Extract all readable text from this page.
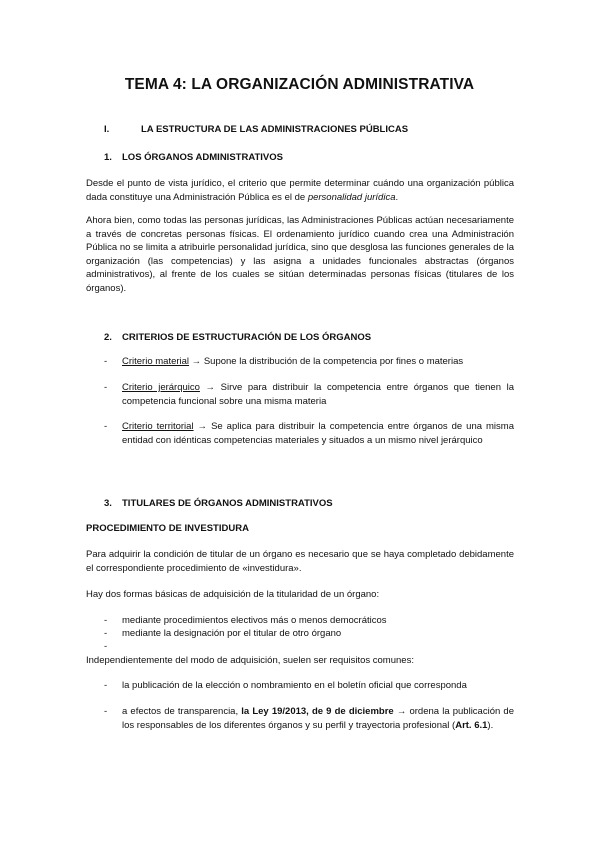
TEMA 4: LA ORGANIZACIÓN ADMINISTRATIVA
I.	LA ESTRUCTURA DE LAS ADMINISTRACIONES PÚBLICAS
1. LOS ÓRGANOS ADMINISTRATIVOS
Desde el punto de vista jurídico, el criterio que permite determinar cuándo una organización pública dada constituye una Administración Pública es el de personalidad jurídica.
Ahora bien, como todas las personas jurídicas, las Administraciones Públicas actúan necesariamente a través de concretas personas físicas. El ordenamiento jurídico cuando crea una Administración Pública no se limita a atribuirle personalidad jurídica, sino que desglosa las funciones generales de la organización (las competencias) y las asigna a unidades funcionales abstractas (órganos administrativos), al frente de los cuales se sitúan determinadas personas físicas (titulares de los órganos).
2. CRITERIOS DE ESTRUCTURACIÓN DE LOS ÓRGANOS
- Criterio material → Supone la distribución de la competencia por fines o materias
- Criterio jerárquico → Sirve para distribuir la competencia entre órganos que tienen la competencia funcional sobre una misma materia
- Criterio territorial → Se aplica para distribuir la competencia entre órganos de una misma entidad con idénticas competencias materiales y situados a un mismo nivel jerárquico
3. TITULARES DE ÓRGANOS ADMINISTRATIVOS
PROCEDIMIENTO DE INVESTIDURA
Para adquirir la condición de titular de un órgano es necesario que se haya completado debidamente el correspondiente procedimiento de «investidura».
Hay dos formas básicas de adquisición de la titularidad de un órgano:
- mediante procedimientos electivos más o menos democráticos
- mediante la designación por el titular de otro órgano
-
Independientemente del modo de adquisición, suelen ser requisitos comunes:
- la publicación de la elección o nombramiento en el boletín oficial que corresponda
- a efectos de transparencia, la Ley 19/2013, de 9 de diciembre → ordena la publicación de los responsables de los diferentes órganos y su perfil y trayectoria profesional (Art. 6.1).
